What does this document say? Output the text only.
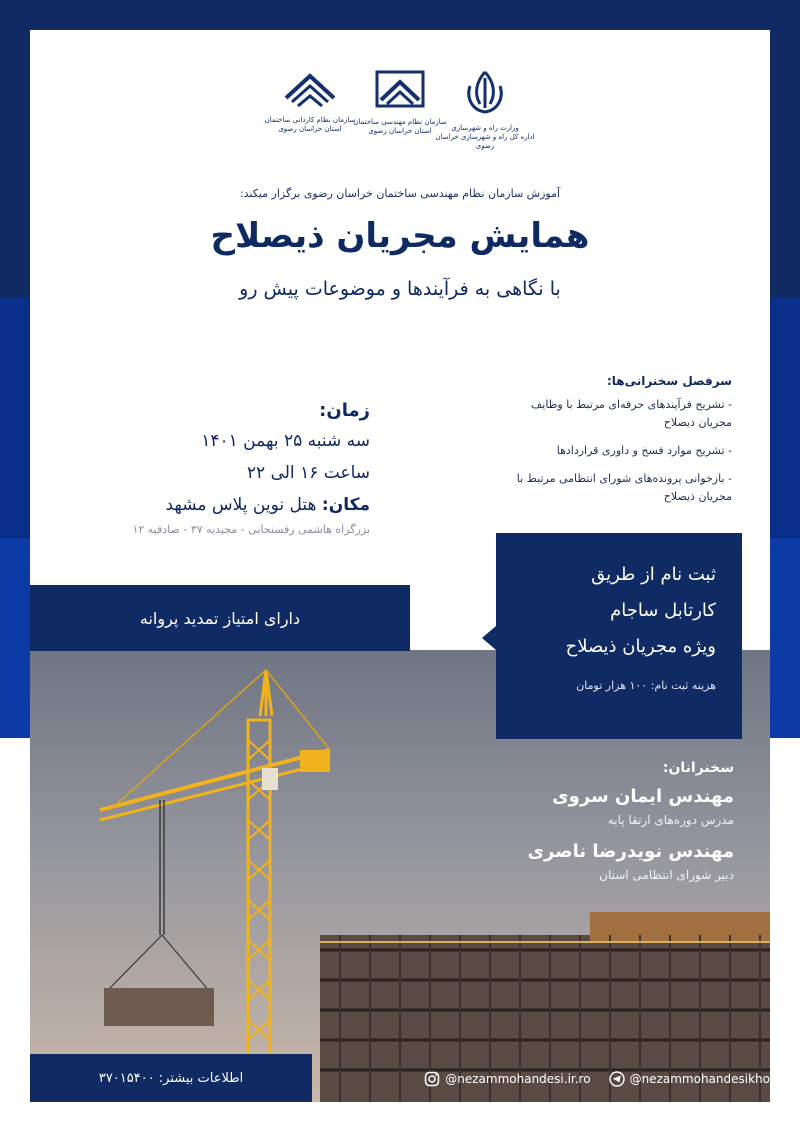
وزارت راه و شهرسازی
اداره کل راه و شهرسازی خراسان رضوی
سازمان نظام مهندسی ساختمان
استان خراسان رضوی
سازمان نظام کاردانی ساختمان
استان خراسان رضوی
آموزش سازمان نظام مهندسی ساختمان خراسان رضوی برگزار میکند:
همایش مجریان ذیصلاح
با نگاهی به فرآیندها و موضوعات پیش رو
زمان:
سه شنبه ۲۵ بهمن ۱۴۰۱
ساعت ۱۶ الی ۲۲
مکان: هتل نوین پلاس مشهد
بزرگراه هاشمی رفسنجانی - مجیدیه ۳۷ - صادقیه ۱۲
سرفصل سخنرانی‌ها:
- تشریح فرآیندهای حرفه‌ای مرتبط با وظایف مجریان ذیصلاح
- تشریح موارد فسخ و داوری قراردادها
- بازخوانی پرونده‌های شورای انتظامی مرتبط با مجریان ذیصلاح
دارای امتیاز تمدید پروانه
ثبت نام از طریق
کارتابل ساجام
ویژه مجریان ذیصلاح
هزینه ثبت نام: ۱۰۰ هزار تومان
سخنرانان:
مهندس ایمان سروی
مدرس دوره‌های ارتقا پایه
مهندس نویدرضا ناصری
دبیر شورای انتظامی استان
اطلاعات بیشتر: ۳۷۰۱۵۴۰۰	@nezammohandesi.ir.ro	@nezammohandesikho
